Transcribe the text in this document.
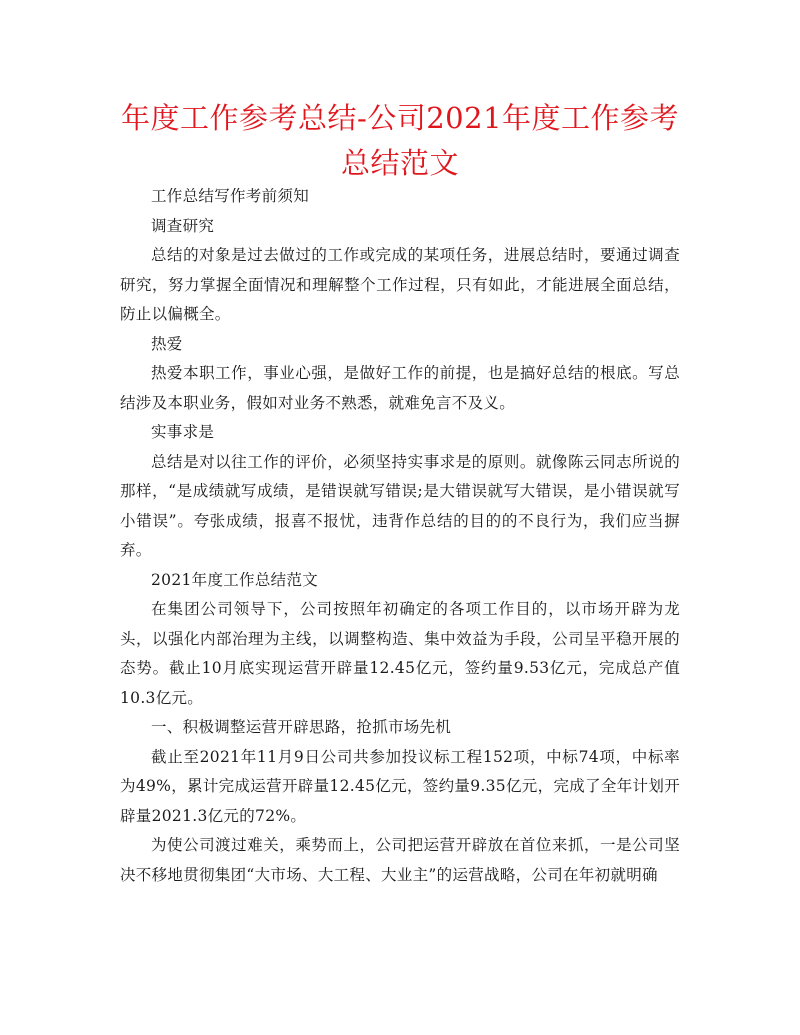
年度工作参考总结-公司2021年度工作参考总结范文

工作总结写作考前须知

调查研究

总结的对象是过去做过的工作或完成的某项任务，进展总结时，要通过调查研究，努力掌握全面情况和理解整个工作过程，只有如此，才能进展全面总结，防止以偏概全。

热爱

热爱本职工作，事业心强，是做好工作的前提，也是搞好总结的根底。写总结涉及本职业务，假如对业务不熟悉，就难免言不及义。

实事求是

总结是对以往工作的评价，必须坚持实事求是的原则。就像陈云同志所说的那样，“是成绩就写成绩，是错误就写错误;是大错误就写大错误，是小错误就写小错误”。夸张成绩，报喜不报忧，违背作总结的目的的不良行为，我们应当摒弃。

2021年度工作总结范文

在集团公司领导下，公司按照年初确定的各项工作目的，以市场开辟为龙头，以强化内部治理为主线，以调整构造、集中效益为手段，公司呈平稳开展的态势。截止10月底实现运营开辟量12.45亿元，签约量9.53亿元，完成总产值10.3亿元。

一、积极调整运营开辟思路，抢抓市场先机

截止至2021年11月9日公司共参加投议标工程152项，中标74项，中标率为49%，累计完成运营开辟量12.45亿元，签约量9.35亿元，完成了全年计划开辟量2021.3亿元的72%。

为使公司渡过难关，乘势而上，公司把运营开辟放在首位来抓，一是公司坚决不移地贯彻集团“大市场、大工程、大业主”的运营战略，公司在年初就明确
